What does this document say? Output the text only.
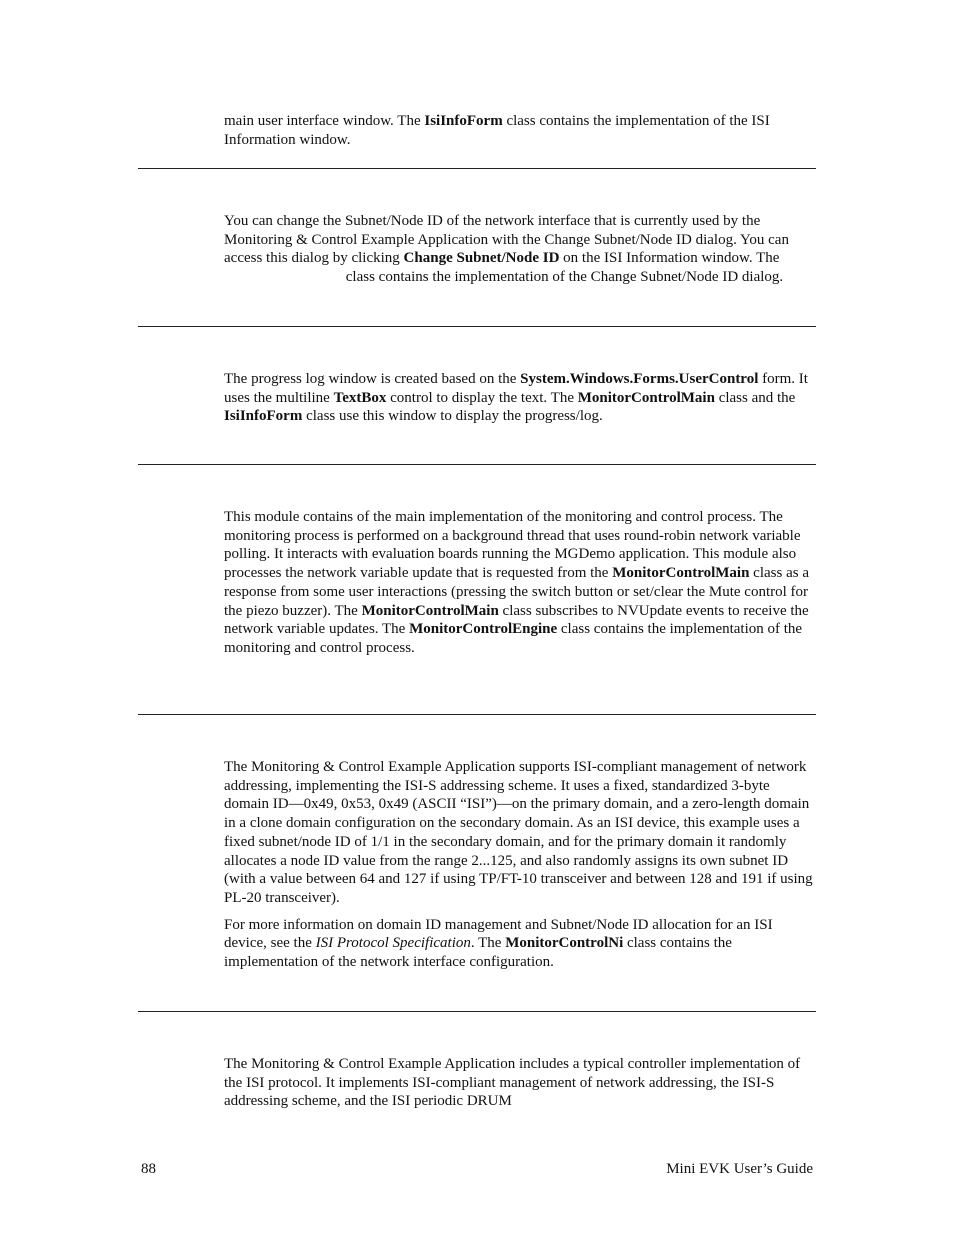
main user interface window. The IsiInfoForm class contains the implementation of the ISI Information window.

You can change the Subnet/Node ID of the network interface that is currently used by the Monitoring & Control Example Application with the Change Subnet/Node ID dialog. You can access this dialog by clicking Change Subnet/Node ID on the ISI Information window. The  class contains the implementation of the Change Subnet/Node ID dialog.

The progress log window is created based on the System.Windows.Forms.UserControl form. It uses the multiline TextBox control to display the text. The MonitorControlMain class and the IsiInfoForm class use this window to display the progress/log.

This module contains of the main implementation of the monitoring and control process. The monitoring process is performed on a background thread that uses round-robin network variable polling. It interacts with evaluation boards running the MGDemo application. This module also processes the network variable update that is requested from the MonitorControlMain class as a response from some user interactions (pressing the switch button or set/clear the Mute control for the piezo buzzer). The MonitorControlMain class subscribes to NVUpdate events to receive the network variable updates. The MonitorControlEngine class contains the implementation of the monitoring and control process.

The Monitoring & Control Example Application supports ISI-compliant management of network addressing, implementing the ISI-S addressing scheme. It uses a fixed, standardized 3-byte domain ID—0x49, 0x53, 0x49 (ASCII “ISI”)—on the primary domain, and a zero-length domain in a clone domain configuration on the secondary domain. As an ISI device, this example uses a fixed subnet/node ID of 1/1 in the secondary domain, and for the primary domain it randomly allocates a node ID value from the range 2...125, and also randomly assigns its own subnet ID (with a value between 64 and 127 if using TP/FT-10 transceiver and between 128 and 191 if using PL-20 transceiver).

For more information on domain ID management and Subnet/Node ID allocation for an ISI device, see the ISI Protocol Specification. The MonitorControlNi class contains the implementation of the network interface configuration.

The Monitoring & Control Example Application includes a typical controller implementation of the ISI protocol. It implements ISI-compliant management of network addressing, the ISI-S addressing scheme, and the ISI periodic DRUM

88	Mini EVK User’s Guide
